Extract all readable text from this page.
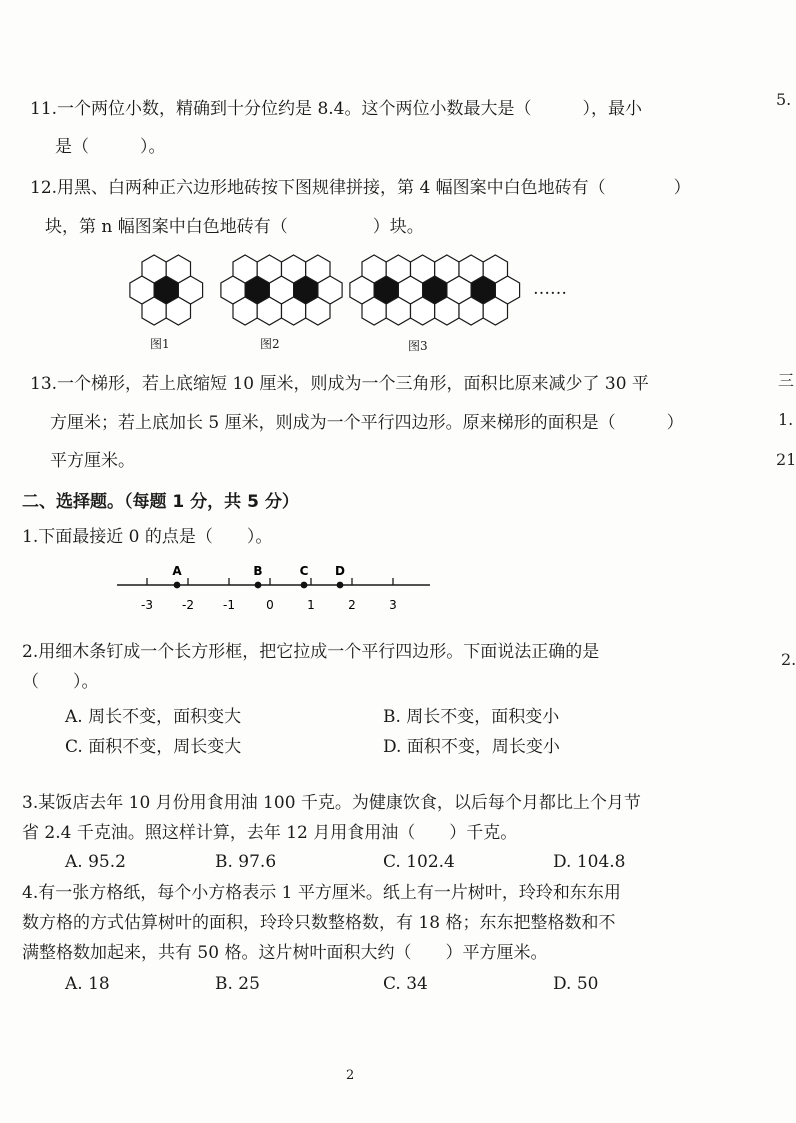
11.一个两位小数，精确到十分位约是 8.4。这个两位小数最大是（　　　），最小
是（　　　）。
12.用黑、白两种正六边形地砖按下图规律拼接，第 4 幅图案中白色地砖有（　　　　）
块，第 n 幅图案中白色地砖有（　　　　　）块。
图1	图2	图3
……
13.一个梯形，若上底缩短 10 厘米，则成为一个三角形，面积比原来减少了 30 平
方厘米；若上底加长 5 厘米，则成为一个平行四边形。原来梯形的面积是（　　　）
平方厘米。
二、选择题。（每题 1 分，共 5 分）
1.下面最接近 0 的点是（　　）。
-3 -2 -1	0	1	2	3
A	B	C D
2.用细木条钉成一个长方形框，把它拉成一个平行四边形。下面说法正确的是
（　　）。
A. 周长不变，面积变大	B. 周长不变，面积变小
C. 面积不变，周长变大	D. 面积不变，周长变小
3.某饭店去年 10 月份用食用油 100 千克。为健康饮食，以后每个月都比上个月节
省 2.4 千克油。照这样计算，去年 12 月用食用油（　　）千克。
A. 95.2	B. 97.6	C. 102.4	D. 104.8
4.有一张方格纸，每个小方格表示 1 平方厘米。纸上有一片树叶，玲玲和东东用
数方格的方式估算树叶的面积，玲玲只数整格数，有 18 格；东东把整格数和不
满整格数加起来，共有 50 格。这片树叶面积大约（　　）平方厘米。
A. 18	B. 25	C. 34	D. 50
2
5.
三
1.
21
2.
